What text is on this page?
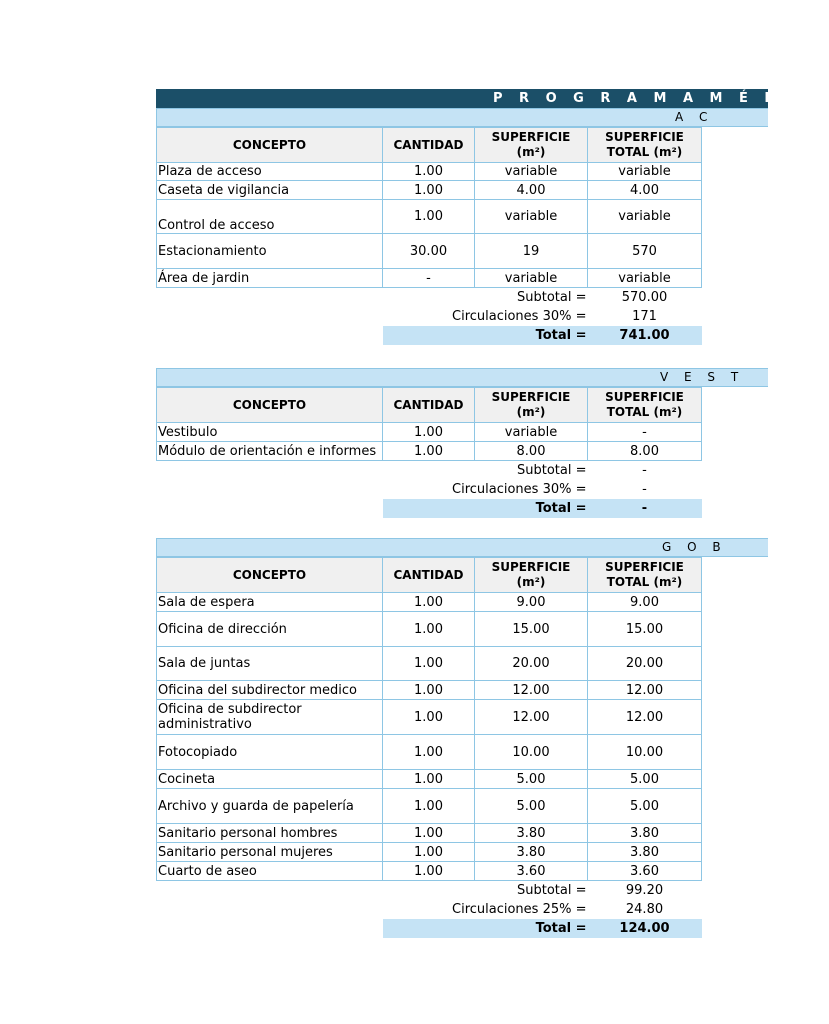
P R O G R A M A M É D I C
A C
CONCEPTO	CANTIDAD	SUPERFICIE (m²)	SUPERFICIE TOTAL (m²)
Plaza de acceso	1.00	variable	variable
Caseta de vigilancia	1.00	4.00	4.00
Control de acceso	1.00	variable	variable
Estacionamiento	30.00	19	570
Área de jardin	-	variable	variable
Subtotal =			570.00
Circulaciones 30% =			171
	Total =		741.00
V E S T
CONCEPTO	CANTIDAD	SUPERFICIE (m²)	SUPERFICIE TOTAL (m²)
Vestibulo	1.00	variable	-
Módulo de orientación e informes	1.00	8.00	8.00
Subtotal =			-
Circulaciones 30% =			-
	Total =		-
G O B
CONCEPTO	CANTIDAD	SUPERFICIE (m²)	SUPERFICIE TOTAL (m²)
Sala de espera	1.00	9.00	9.00
Oficina de dirección	1.00	15.00	15.00
Sala de juntas	1.00	20.00	20.00
Oficina del subdirector medico	1.00	12.00	12.00
Oficina de subdirector administrativo	1.00	12.00	12.00
Fotocopiado	1.00	10.00	10.00
Cocineta	1.00	5.00	5.00
Archivo y guarda de papelería	1.00	5.00	5.00
Sanitario personal hombres	1.00	3.80	3.80
Sanitario personal mujeres	1.00	3.80	3.80
Cuarto de aseo	1.00	3.60	3.60
Subtotal =			99.20
Circulaciones 25% =			24.80
	Total =		124.00
